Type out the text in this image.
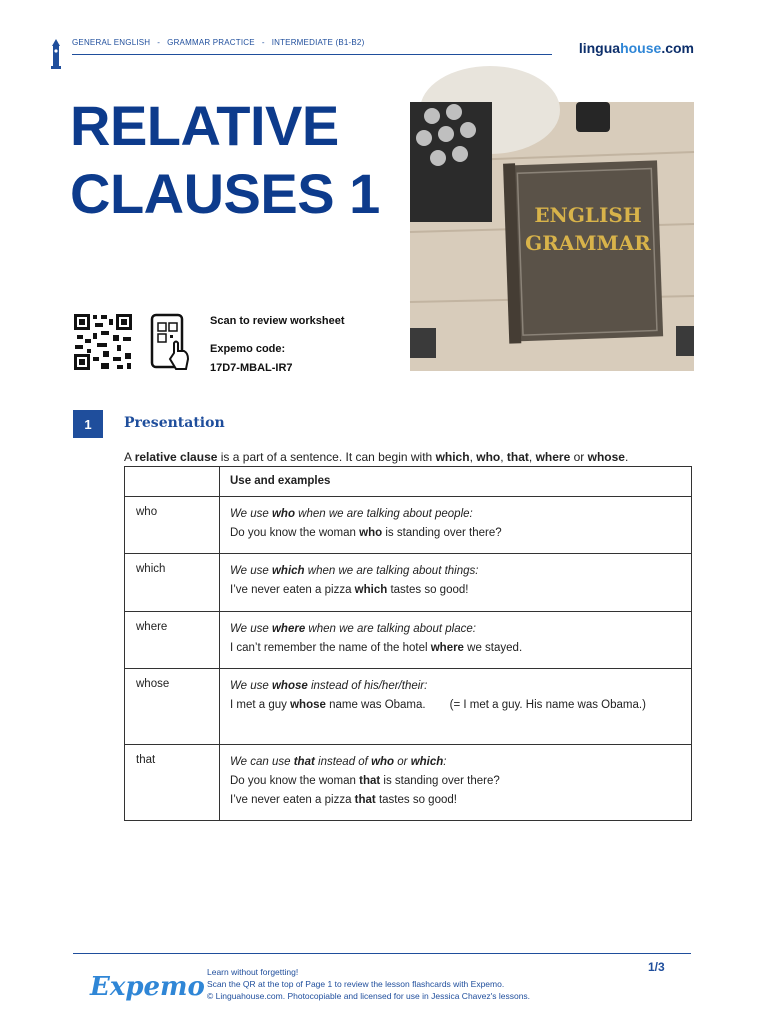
GENERAL ENGLISH - GRAMMAR PRACTICE - INTERMEDIATE (B1-B2)	linguahouse.com
RELATIVE
CLAUSES 1	ENGLISH
GRAMMAR
Scan to review worksheet
Expemo code:
17D7-MBAL-IR7
1	Presentation
A relative clause is a part of a sentence. It can begin with which, who, that, where or whose.
	Use and examples
who	We use who when we are talking about people:
Do you know the woman who is standing over there?

which	We use which when we are talking about things:
I’ve never eaten a pizza which tastes so good!

where	We use where when we are talking about place:
I can’t remember the name of the hotel where we stayed.

whose	We use whose instead of his/her/their:
I met a guy whose name was Obama. (= I met a guy. His name was Obama.)

that	We can use that instead of who or which:
Do you know the woman that is standing over there?
I’ve never eaten a pizza that tastes so good!
Expemo Learn without forgetting!
Scan the QR at the top of Page 1 to review the lesson flashcards with Expemo.
© Linguahouse.com. Photocopiable and licensed for use in Jessica Chavez's lessons.
1/3
